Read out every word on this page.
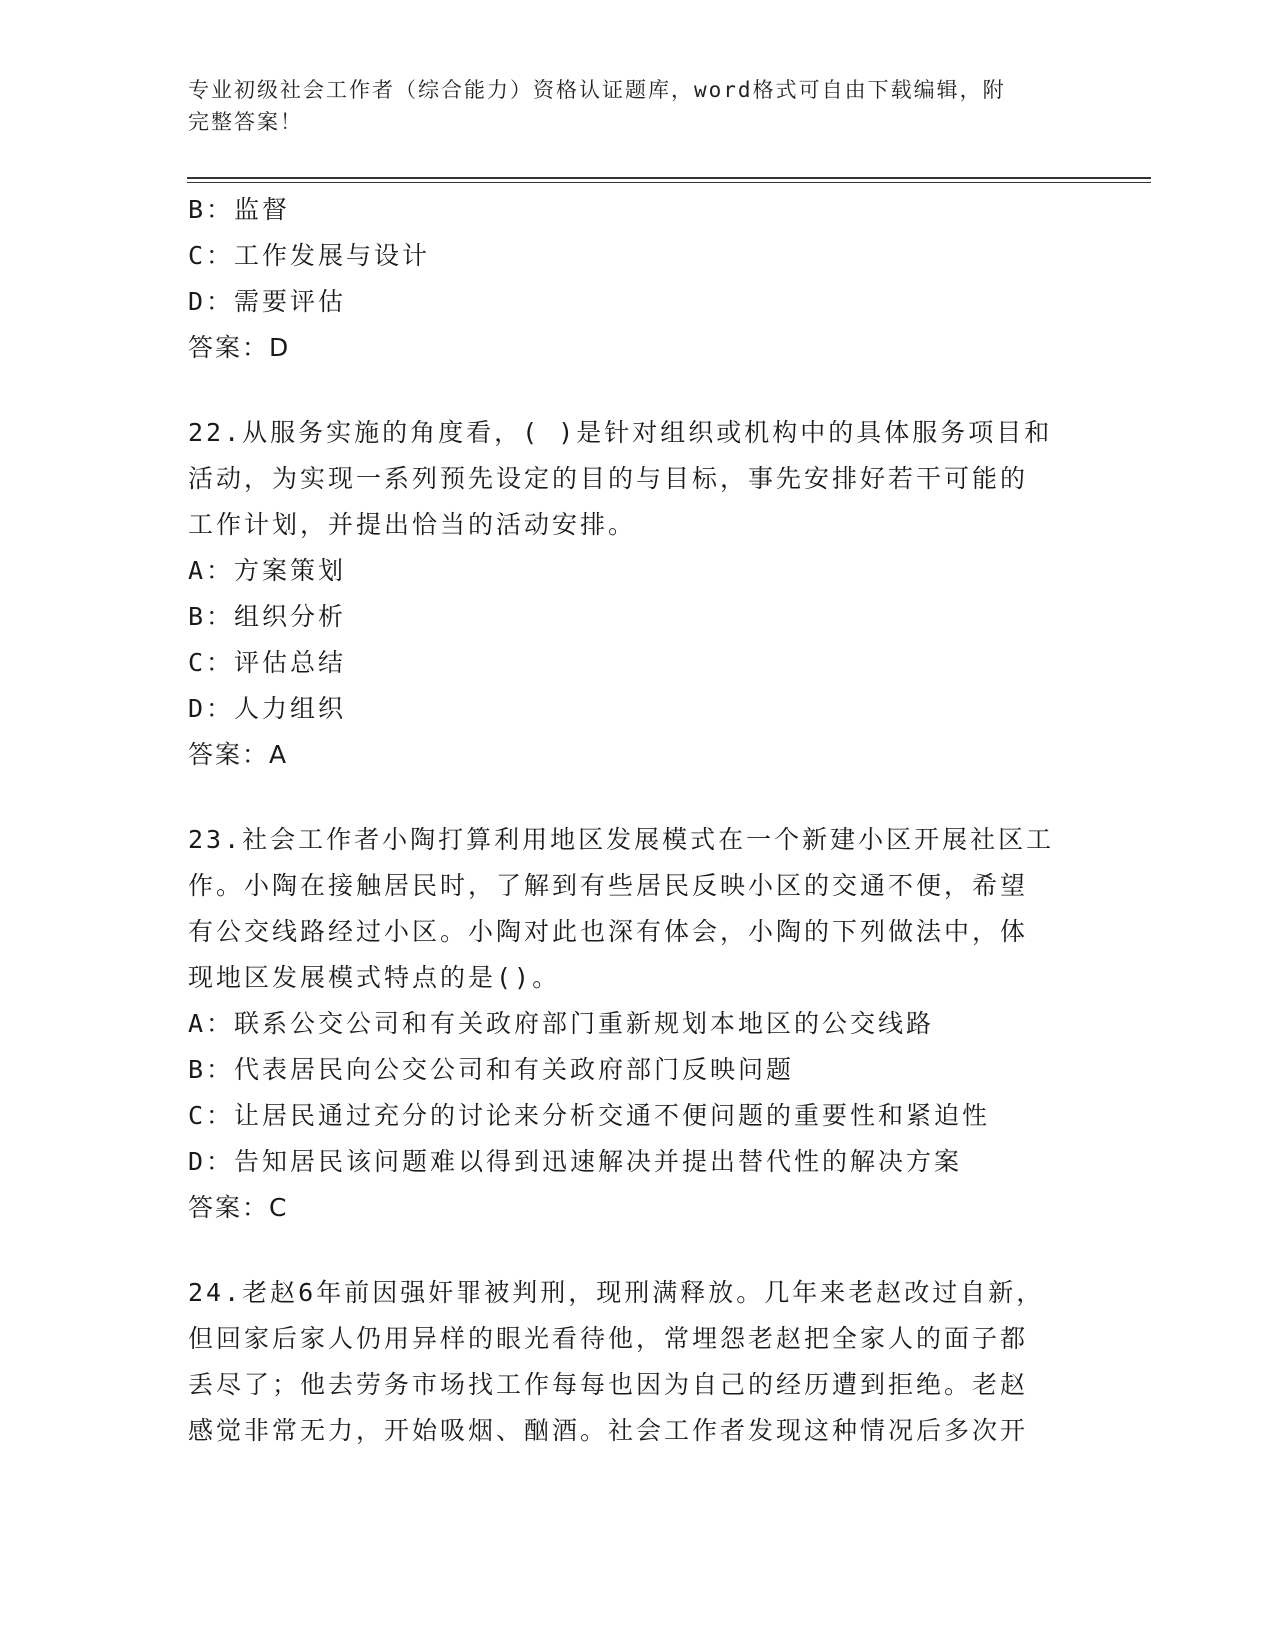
专业初级社会工作者（综合能力）资格认证题库，word格式可自由下载编辑，附
完整答案！
B：监督
C：工作发展与设计
D：需要评估
答案：D
22.从服务实施的角度看，( )是针对组织或机构中的具体服务项目和
活动，为实现一系列预先设定的目的与目标，事先安排好若干可能的
工作计划，并提出恰当的活动安排。
A：方案策划
B：组织分析
C：评估总结
D：人力组织
答案：A
23.社会工作者小陶打算利用地区发展模式在一个新建小区开展社区工
作。小陶在接触居民时，了解到有些居民反映小区的交通不便，希望
有公交线路经过小区。小陶对此也深有体会，小陶的下列做法中，体
现地区发展模式特点的是()。
A：联系公交公司和有关政府部门重新规划本地区的公交线路
B：代表居民向公交公司和有关政府部门反映问题
C：让居民通过充分的讨论来分析交通不便问题的重要性和紧迫性
D：告知居民该问题难以得到迅速解决并提出替代性的解决方案
答案：C
24.老赵6年前因强奸罪被判刑，现刑满释放。几年来老赵改过自新，
但回家后家人仍用异样的眼光看待他，常埋怨老赵把全家人的面子都
丢尽了；他去劳务市场找工作每每也因为自己的经历遭到拒绝。老赵
感觉非常无力，开始吸烟、酗酒。社会工作者发现这种情况后多次开
